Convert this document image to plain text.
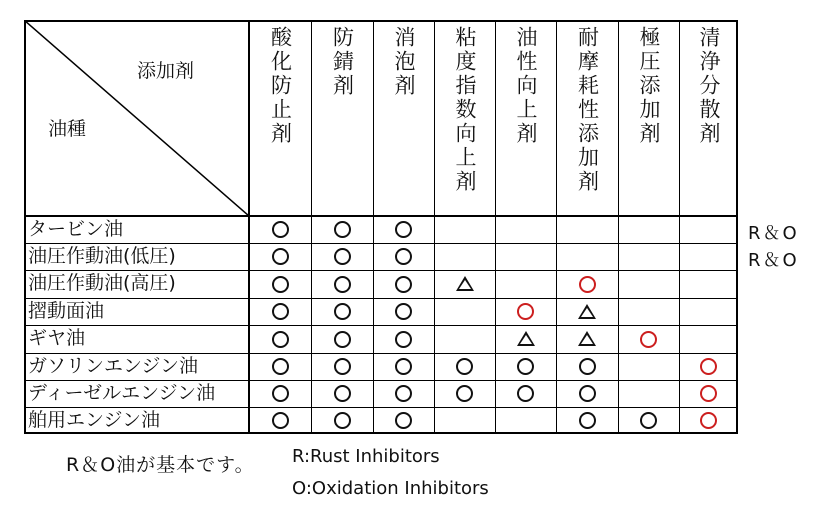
酸化防止剤 防錆剤 消泡剤 粘度指数向上剤 油性向上剤 耐摩耗性添加剤 極圧添加剤 清浄分散剤
添加剤
油種
タービン油
油圧作動油(低圧)
油圧作動油(高圧)
摺動面油
ギヤ油
ガソリンエンジン油
ディーゼルエンジン油
舶用エンジン油
R＆O
R＆O
R＆O油が基本です。 R:Rust Inhibitors
O:Oxidation Inhibitors
